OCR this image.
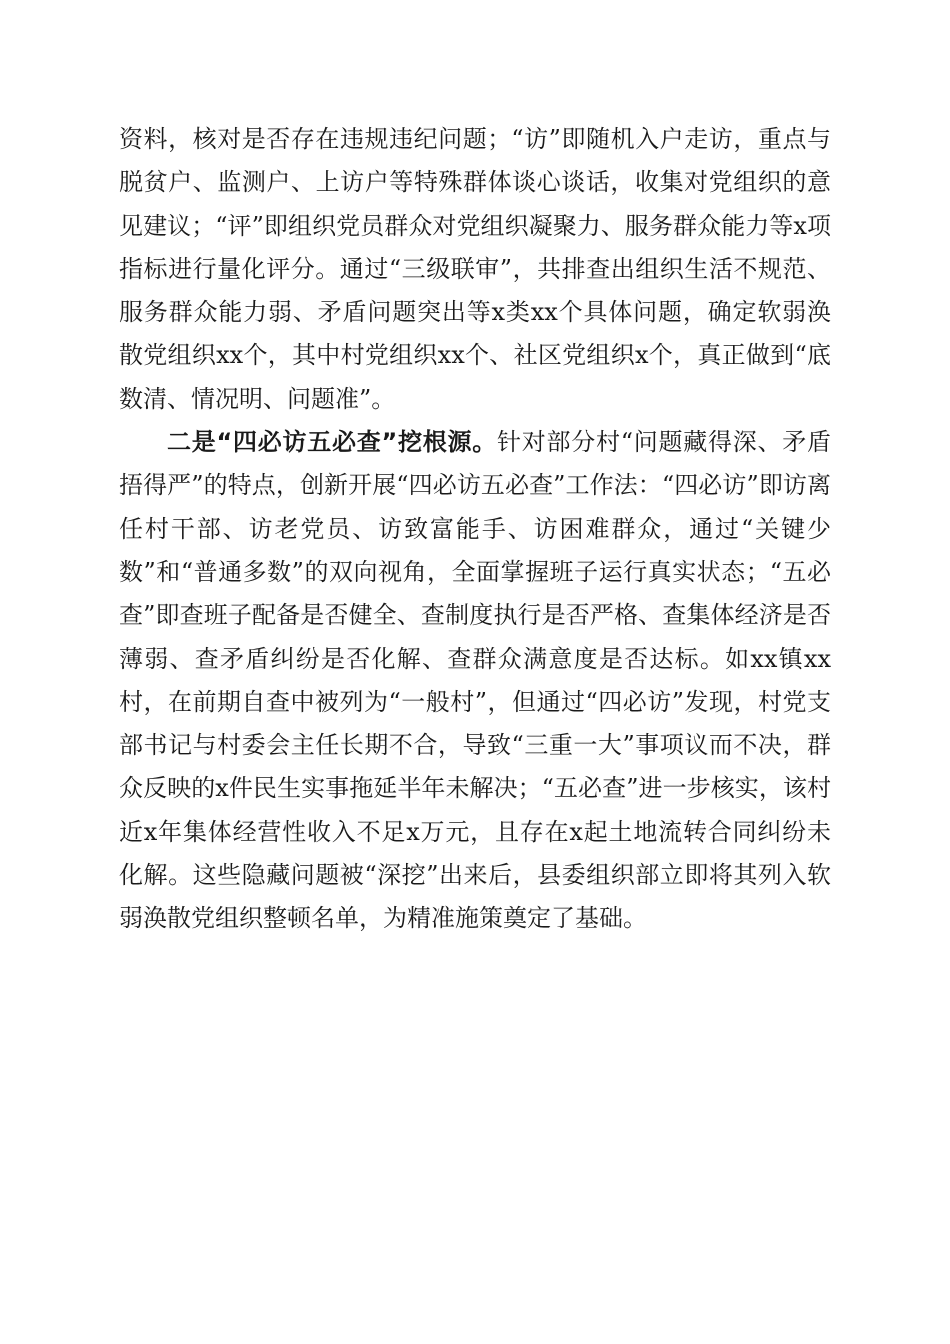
资料，核对是否存在违规违纪问题；“访”即随机入户走访，重点与脱贫户、监测户、上访户等特殊群体谈心谈话，收集对党组织的意见建议；“评”即组织党员群众对党组织凝聚力、服务群众能力等x项指标进行量化评分。通过“三级联审”，共排查出组织生活不规范、服务群众能力弱、矛盾问题突出等x类xx个具体问题，确定软弱涣散党组织xx个，其中村党组织xx个、社区党组织x个，真正做到“底数清、情况明、问题准”。

二是“四必访五必查”挖根源。针对部分村“问题藏得深、矛盾捂得严”的特点，创新开展“四必访五必查”工作法：“四必访”即访离任村干部、访老党员、访致富能手、访困难群众，通过“关键少数”和“普通多数”的双向视角，全面掌握班子运行真实状态；“五必查”即查班子配备是否健全、查制度执行是否严格、查集体经济是否薄弱、查矛盾纠纷是否化解、查群众满意度是否达标。如xx镇xx村，在前期自查中被列为“一般村”，但通过“四必访”发现，村党支部书记与村委会主任长期不合，导致“三重一大”事项议而不决，群众反映的x件民生实事拖延半年未解决；“五必查”进一步核实，该村近x年集体经营性收入不足x万元，且存在x起土地流转合同纠纷未化解。这些隐藏问题被“深挖”出来后，县委组织部立即将其列入软弱涣散党组织整顿名单，为精准施策奠定了基础。
